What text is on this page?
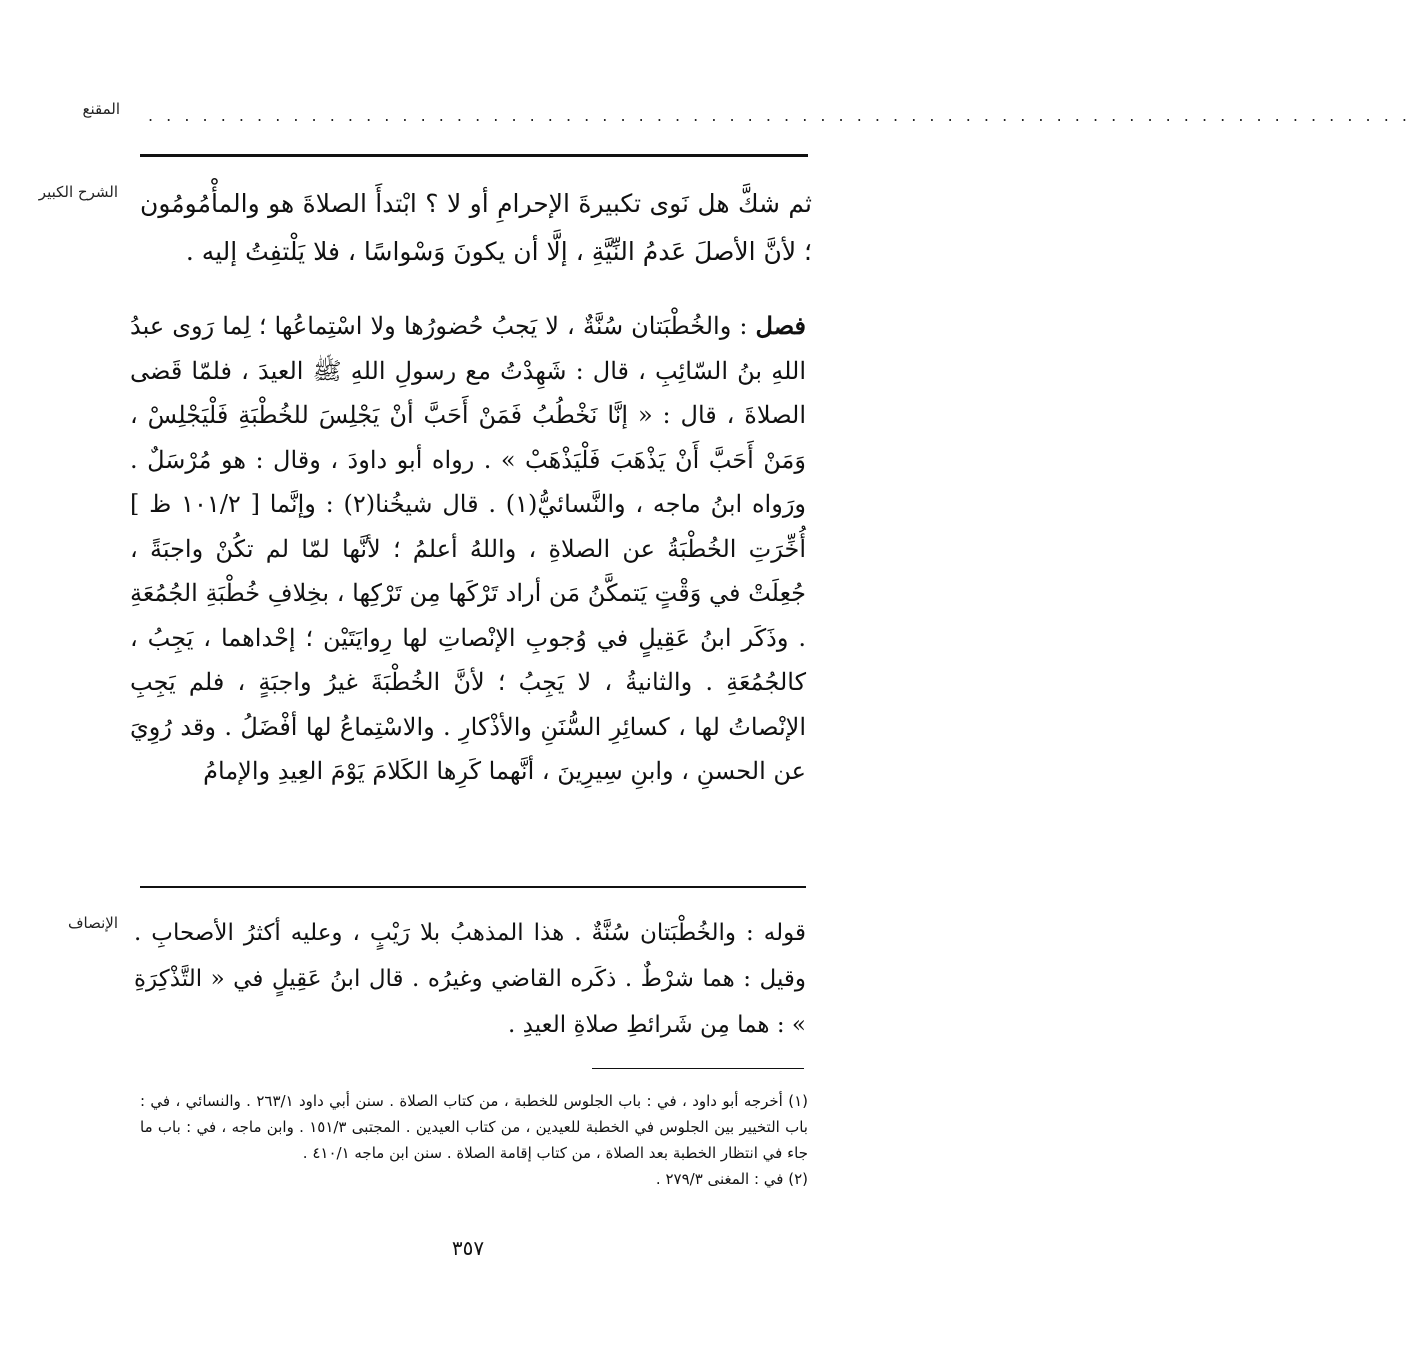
المقنع . . . . . . . . . . . . . . . . . . . . . . . . . . . . . . . . . . . . . . . . . . . . . . . . . . . . . . . . . . . . . . . . . . . . . .
الشرح الكبير ثم شكَّ هل نَوى تكبيرةَ الإحرامِ أو لا ؟ ابْتدأَ الصلاةَ هو والمأْمُومُون ؛ لأنَّ الأصلَ عَدمُ النِّيَّةِ ، إلَّا أن يكونَ وَسْواسًا ، فلا يَلْتفِتُ إليه .

فصل : والخُطْبَتان سُنَّةٌ ، لا يَجبُ حُضورُها ولا اسْتِماعُها ؛ لِما رَوى عبدُ اللهِ بنُ السّائِبِ ، قال : شَهِدْتُ مع رسولِ اللهِ ﷺ العيدَ ، فلمّا قَضى الصلاةَ ، قال : « إنَّا نَخْطُبُ فَمَنْ أَحَبَّ أنْ يَجْلِسَ للخُطْبَةِ فَلْيَجْلِسْ ، وَمَنْ أَحَبَّ أَنْ يَذْهَبَ فَلْيَذْهَبْ » . رواه أبو داودَ ، وقال : هو مُرْسَلٌ . ورَواه ابنُ ماجه ، والنَّسائيُّ(١) . قال شيخُنا(٢) : وإنَّما [ ١٠١/٢ ظ ] أُخِّرَتِ الخُطْبَةُ عن الصلاةِ ، واللهُ أعلمُ ؛ لأنَّها لمّا لم تكُنْ واجبَةً ، جُعِلَتْ في وَقْتٍ يَتمكَّنُ مَن أراد تَرْكَها مِن تَرْكِها ، بخِلافِ خُطْبَةِ الجُمُعَةِ . وذَكَر ابنُ عَقِيلٍ في وُجوبِ الإنْصاتِ لها رِوايَتَيْن ؛ إحْداهما ، يَجِبُ ، كالجُمُعَةِ . والثانيةُ ، لا يَجِبُ ؛ لأنَّ الخُطْبَةَ غيرُ واجبَةٍ ، فلم يَجِبِ الإنْصاتُ لها ، كسائِرِ السُّنَنِ والأذْكارِ . والاسْتِماعُ لها أفْضَلُ . وقد رُوِيَ عن الحسنِ ، وابنِ سِيرِينَ ، أنَّهما كَرِها الكَلامَ يَوْمَ العِيدِ والإمامُ

الإنصاف قوله : والخُطْبَتان سُنَّةٌ . هذا المذهبُ بلا رَيْبٍ ، وعليه أكثرُ الأصحابِ . وقيل : هما شرْطٌ . ذكَره القاضي وغيرُه . قال ابنُ عَقِيلٍ في « التَّذْكِرَةِ » : هما مِن شَرائطِ صلاةِ العيدِ .

(١) أخرجه أبو داود ، في : باب الجلوس للخطبة ، من كتاب الصلاة . سنن أبي داود ٢٦٣/١ . والنسائي ، في : باب التخيير بين الجلوس في الخطبة للعيدين ، من كتاب العيدين . المجتبى ١٥١/٣ . وابن ماجه ، في : باب ما جاء في انتظار الخطبة بعد الصلاة ، من كتاب إقامة الصلاة . سنن ابن ماجه ٤١٠/١ .

(٢) في : المغنى ٢٧٩/٣ .

٣٥٧
